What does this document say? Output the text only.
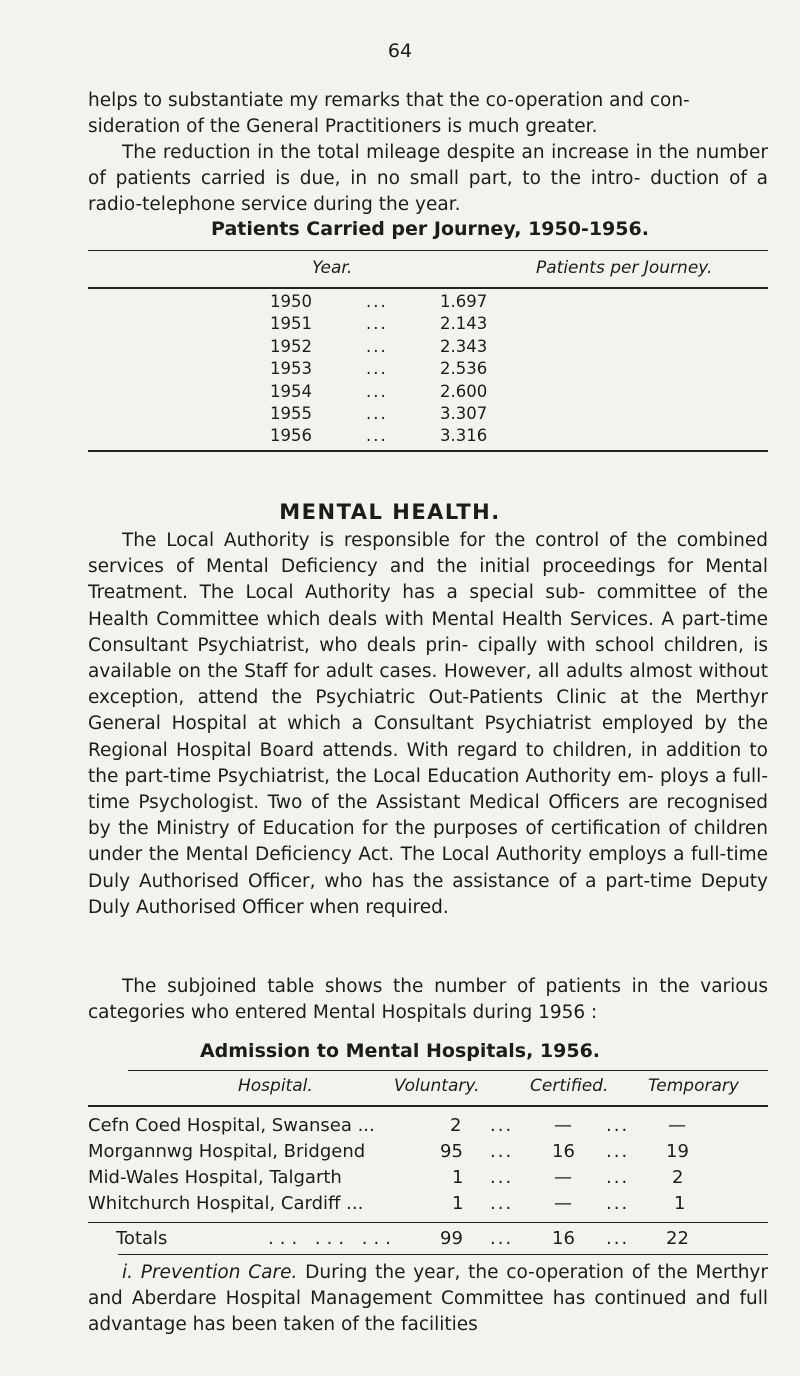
64

helps to substantiate my remarks that the co-operation and con-

sideration of the General Practitioners is much greater.

The reduction in the total mileage despite an increase in the number of patients carried is due, in no small part, to the intro- duction of a radio-telephone service during the year.

Patients Carried per Journey, 1950-1956.

Year.	Patients per Journey.
1950	...	1.697
1951	...	2.143
1952	...	2.343
1953	...	2.536
1954	...	2.600
1955	...	3.307
1956	...	3.316

MENTAL HEALTH.

The Local Authority is responsible for the control of the combined services of Mental Deficiency and the initial proceedings for Mental Treatment. The Local Authority has a special sub- committee of the Health Committee which deals with Mental Health Services. A part-time Consultant Psychiatrist, who deals prin- cipally with school children, is available on the Staff for adult cases. However, all adults almost without exception, attend the Psychiatric Out-Patients Clinic at the Merthyr General Hospital at which a Consultant Psychiatrist employed by the Regional Hospital Board attends. With regard to children, in addition to the part-time Psychiatrist, the Local Education Authority em- ploys a full-time Psychologist. Two of the Assistant Medical Officers are recognised by the Ministry of Education for the purposes of certification of children under the Mental Deficiency Act. The Local Authority employs a full-time Duly Authorised Officer, who has the assistance of a part-time Deputy Duly Authorised Officer when required.

The subjoined table shows the number of patients in the various categories who entered Mental Hospitals during 1956 :

Admission to Mental Hospitals, 1956.

Hospital.	Voluntary.	Certified. Temporary
Cefn Coed Hospital, Swansea ...	2 ... — ... —
Morgannwg Hospital, Bridgend	95 ... 16 ... 19
Mid-Wales Hospital, Talgarth	1 ... — ... 2
Whitchurch Hospital, Cardiff ...	1 ... — ... 1
Totals	... ... ... 99 ... 16 ... 22

i. Prevention Care. During the year, the co-operation of the Merthyr and Aberdare Hospital Management Committee has continued and full advantage has been taken of the facilities
